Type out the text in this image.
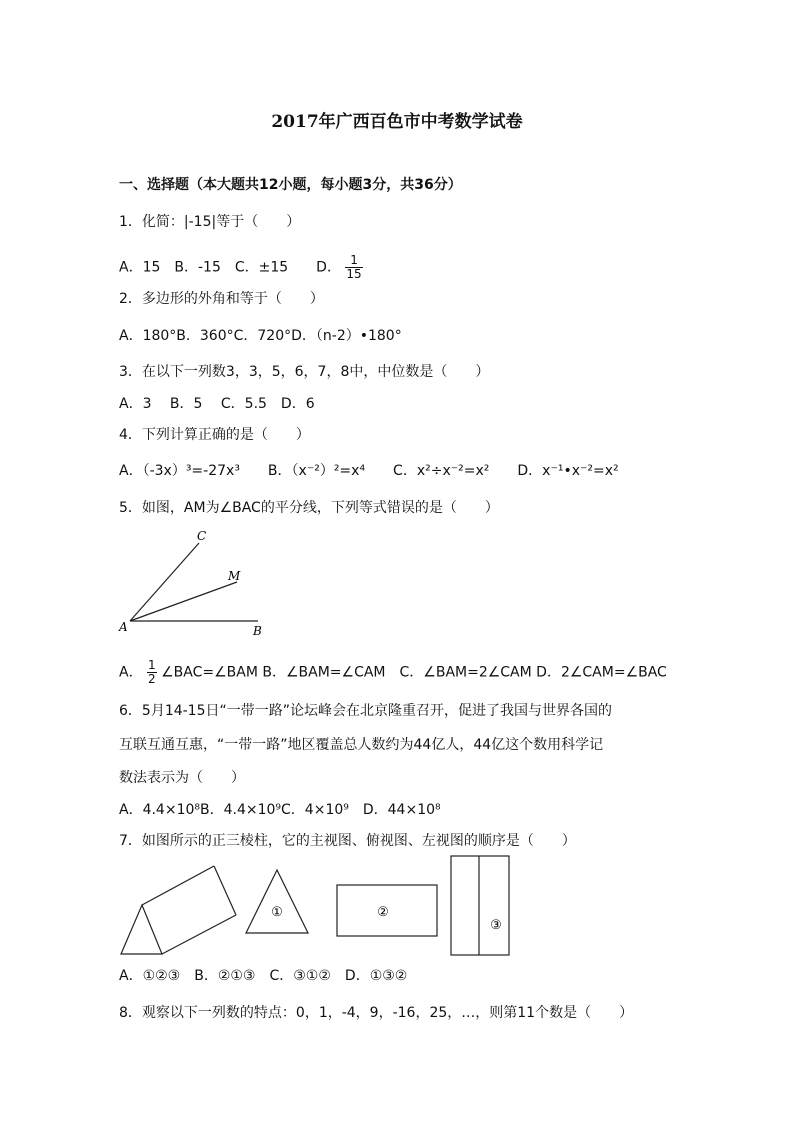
2017年广西百色市中考数学试卷
一、选择题（本大题共12小题，每小题3分，共36分）
1．化简：|-15|等于（　　）
A．15　B．-15　C．±15　　D． $\frac{1}{15}$
2．多边形的外角和等于（　　）
A．180°B．360°C．720°D．（n-2）•180°
3．在以下一列数3，3，5，6，7，8中，中位数是（　　）
A．3　 B．5　 C．5.5　D．6
4．下列计算正确的是（　　）
A．（-3x）³=-27x³　　B．（x⁻²）²=x⁴　　C．x²÷x⁻²=x²　　D．x⁻¹•x⁻²=x²
5．如图，AM为∠BAC的平分线，下列等式错误的是（　　）
C
M
A	B
A． $\frac{1}{2}$ ∠BAC=∠BAM B．∠BAM=∠CAM　C．∠BAM=2∠CAM D．2∠CAM=∠BAC
6．5月14-15日“一带一路”论坛峰会在北京隆重召开，促进了我国与世界各国的
互联互通互惠，“一带一路”地区覆盖总人数约为44亿人，44亿这个数用科学记
数法表示为（　　）
A．4.4×10⁸B．4.4×10⁹C．4×10⁹　D．44×10⁸
7．如图所示的正三棱柱，它的主视图、俯视图、左视图的顺序是（　　）
①	②
③
A．①②③　B．②①③　C．③①②　D．①③②
8．观察以下一列数的特点：0，1，-4，9，-16，25，…，则第11个数是（　　）
